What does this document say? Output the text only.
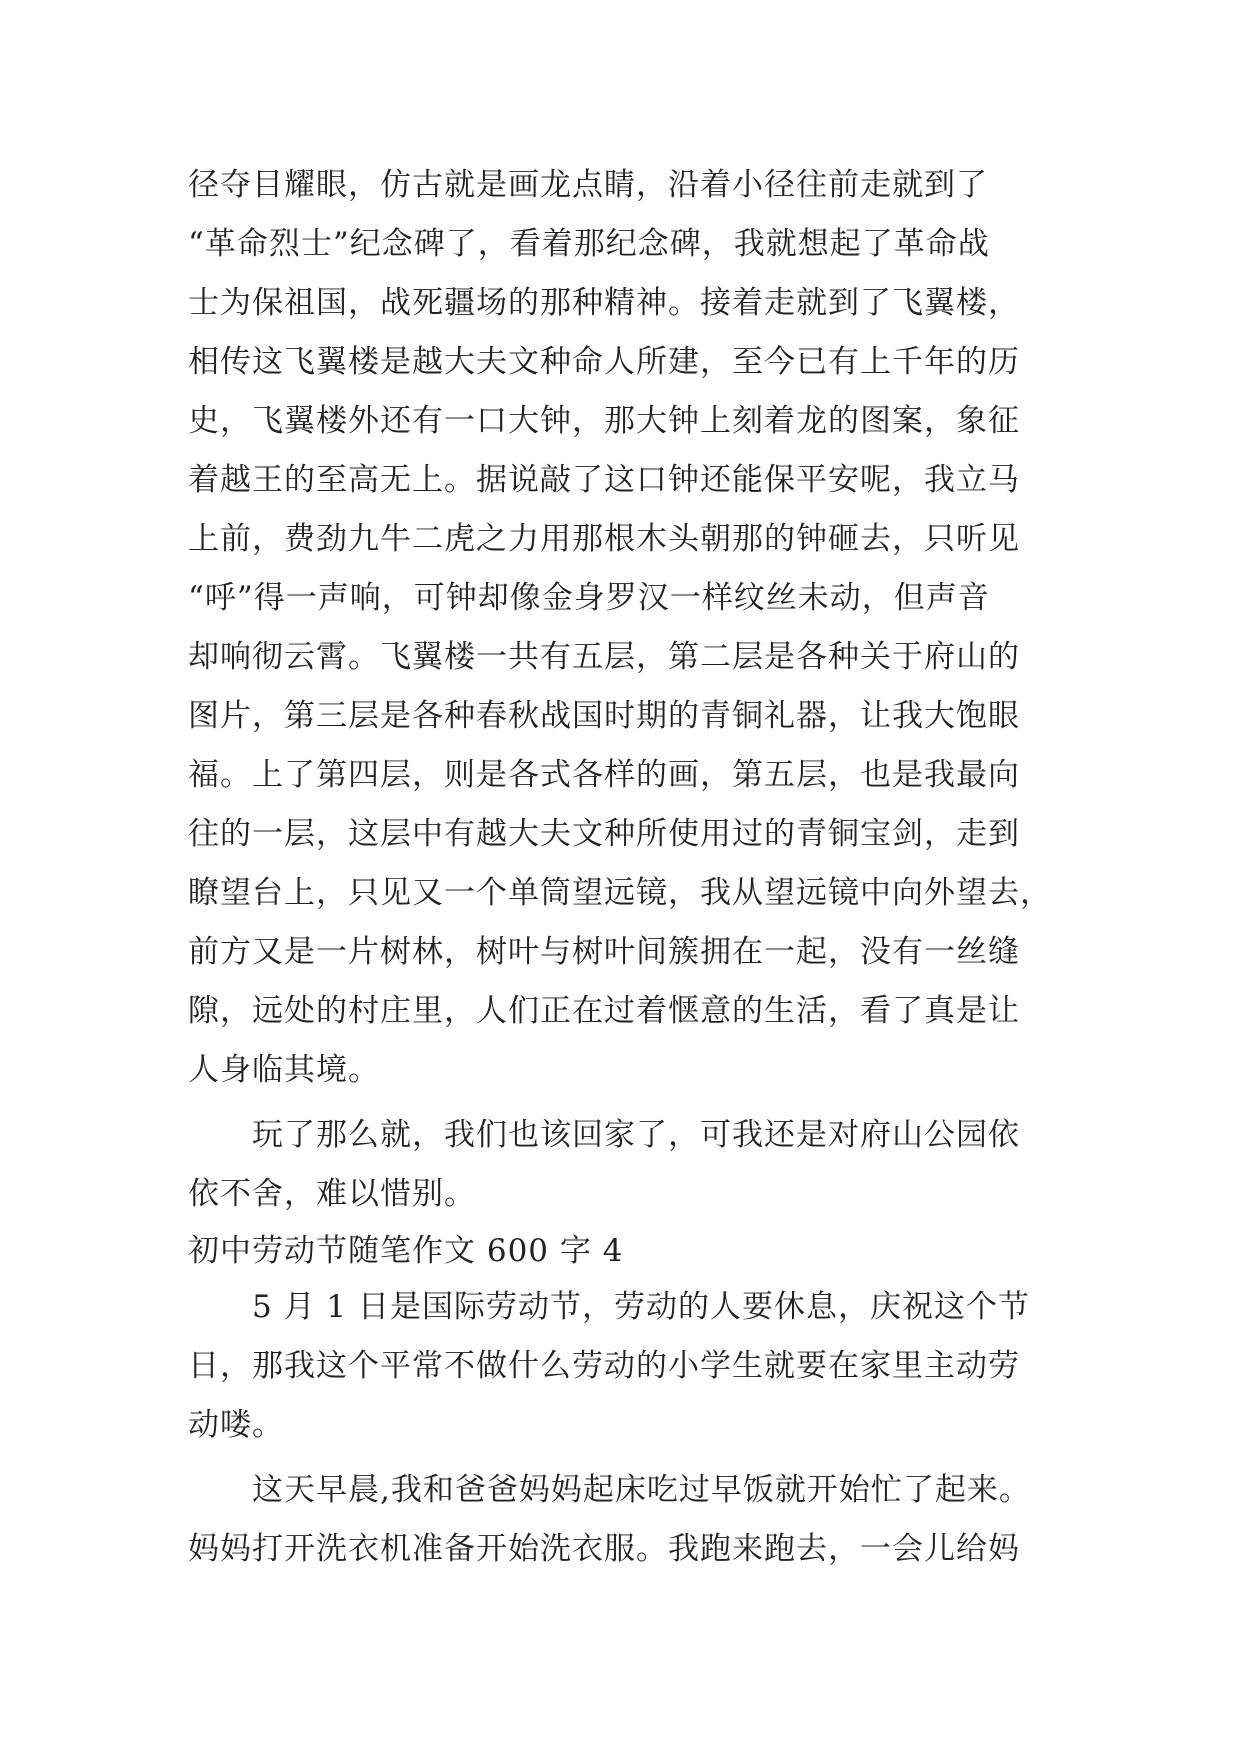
径夺目耀眼，仿古就是画龙点睛，沿着小径往前走就到了
“革命烈士”纪念碑了，看着那纪念碑，我就想起了革命战
士为保祖国，战死疆场的那种精神。接着走就到了飞翼楼，
相传这飞翼楼是越大夫文种命人所建，至今已有上千年的历
史，飞翼楼外还有一口大钟，那大钟上刻着龙的图案，象征
着越王的至高无上。据说敲了这口钟还能保平安呢，我立马
上前，费劲九牛二虎之力用那根木头朝那的钟砸去，只听见
“呼”得一声响，可钟却像金身罗汉一样纹丝未动，但声音
却响彻云霄。飞翼楼一共有五层，第二层是各种关于府山的
图片，第三层是各种春秋战国时期的青铜礼器，让我大饱眼
福。上了第四层，则是各式各样的画，第五层，也是我最向
往的一层，这层中有越大夫文种所使用过的青铜宝剑，走到
瞭望台上，只见又一个单筒望远镜，我从望远镜中向外望去，
前方又是一片树林，树叶与树叶间簇拥在一起，没有一丝缝
隙，远处的村庄里，人们正在过着惬意的生活，看了真是让
人身临其境。
　　玩了那么就，我们也该回家了，可我还是对府山公园依
依不舍，难以惜别。
初中劳动节随笔作文 600 字 4
　　5 月 1 日是国际劳动节，劳动的人要休息，庆祝这个节
日，那我这个平常不做什么劳动的小学生就要在家里主动劳
动喽。
　　这天早晨,我和爸爸妈妈起床吃过早饭就开始忙了起来。
妈妈打开洗衣机准备开始洗衣服。我跑来跑去，一会儿给妈
